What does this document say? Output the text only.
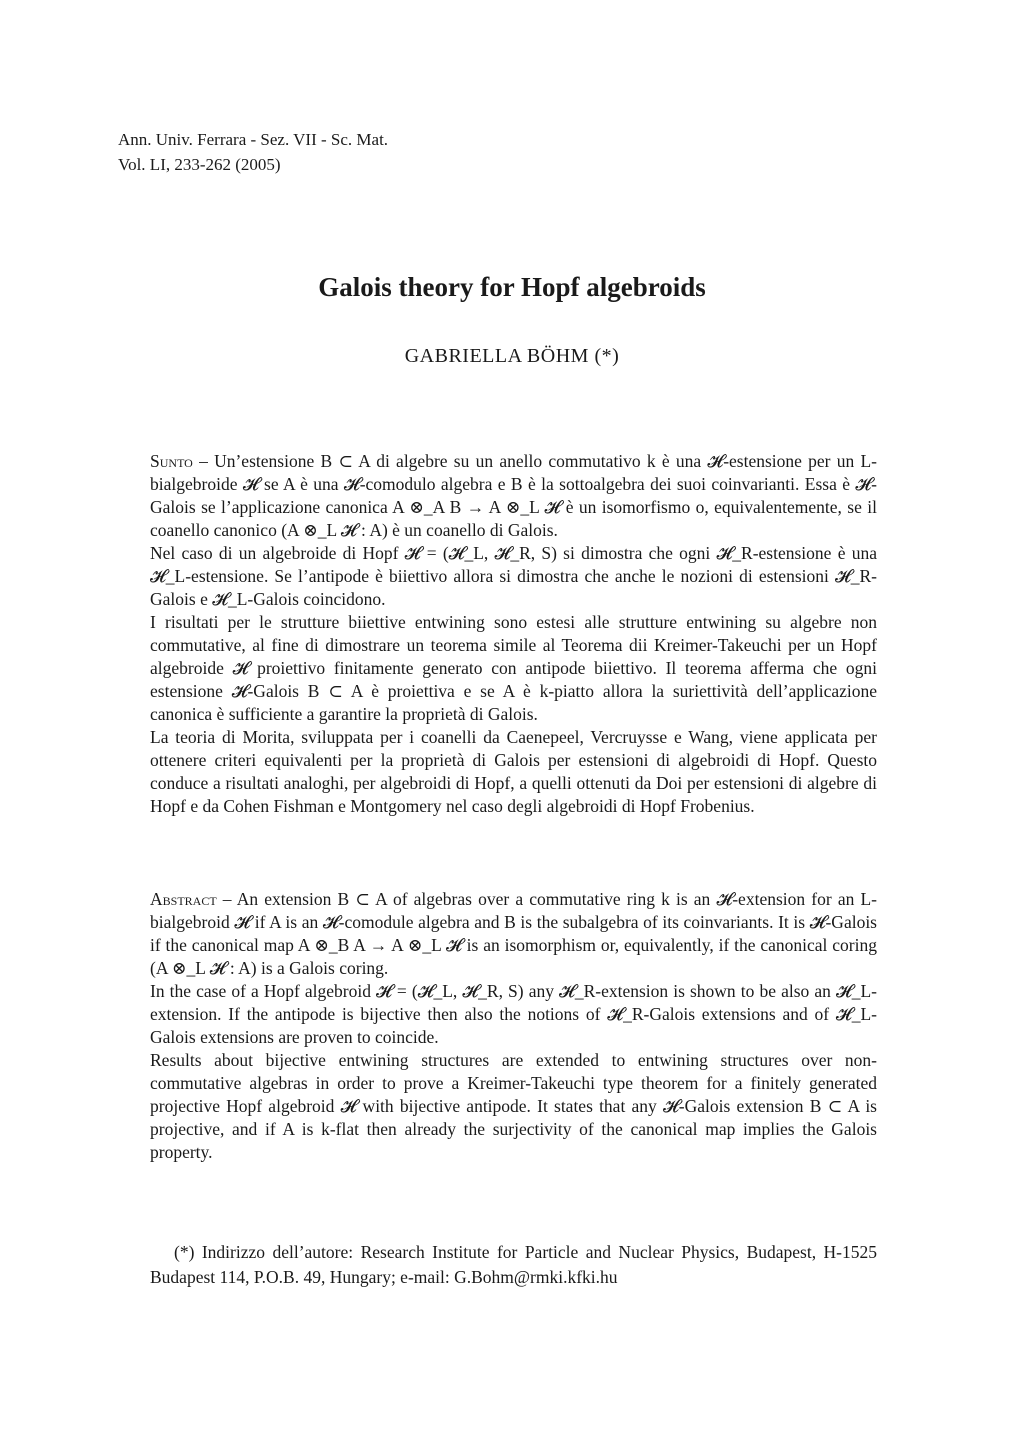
Ann. Univ. Ferrara - Sez. VII - Sc. Mat.
Vol. LI, 233-262 (2005)
Galois theory for Hopf algebroids
GABRIELLA BÖHM (*)

Sunto – Un’estensione B ⊂ A di algebre su un anello commutativo k è una 𝓗-estensione per un L-bialgebroide 𝓗 se A è una 𝓗-comodulo algebra e B è la sottoalgebra dei suoi coinvarianti. Essa è 𝓗-Galois se l’applicazione canonica A ⊗_A B → A ⊗_L 𝓗 è un isomorfismo o, equivalentemente, se il coanello canonico (A ⊗_L 𝓗 : A) è un coanello di Galois.

Nel caso di un algebroide di Hopf 𝓗 = (𝓗_L, 𝓗_R, S) si dimostra che ogni 𝓗_R-estensione è una 𝓗_L-estensione. Se l’antipode è biiettivo allora si dimostra che anche le nozioni di estensioni 𝓗_R-Galois e 𝓗_L-Galois coincidono.

I risultati per le strutture biiettive entwining sono estesi alle strutture entwining su algebre non commutative, al fine di dimostrare un teorema simile al Teorema dii Kreimer-Takeuchi per un Hopf algebroide 𝓗 proiettivo finitamente generato con antipode biiettivo. Il teorema afferma che ogni estensione 𝓗-Galois B ⊂ A è proiettiva e se A è k-piatto allora la suriettività dell’applicazione canonica è sufficiente a garantire la proprietà di Galois.

La teoria di Morita, sviluppata per i coanelli da Caenepeel, Vercruysse e Wang, viene applicata per ottenere criteri equivalenti per la proprietà di Galois per estensioni di algebroidi di Hopf. Questo conduce a risultati analoghi, per algebroidi di Hopf, a quelli ottenuti da Doi per estensioni di algebre di Hopf e da Cohen Fishman e Montgomery nel caso degli algebroidi di Hopf Frobenius.

Abstract – An extension B ⊂ A of algebras over a commutative ring k is an 𝓗-extension for an L-bialgebroid 𝓗 if A is an 𝓗-comodule algebra and B is the subalgebra of its coinvariants. It is 𝓗-Galois if the canonical map A ⊗_B A → A ⊗_L 𝓗 is an isomorphism or, equivalently, if the canonical coring (A ⊗_L 𝓗 : A) is a Galois coring.

In the case of a Hopf algebroid 𝓗 = (𝓗_L, 𝓗_R, S) any 𝓗_R-extension is shown to be also an 𝓗_L-extension. If the antipode is bijective then also the notions of 𝓗_R-Galois extensions and of 𝓗_L-Galois extensions are proven to coincide.

Results about bijective entwining structures are extended to entwining structures over non-commutative algebras in order to prove a Kreimer-Takeuchi type theorem for a finitely generated projective Hopf algebroid 𝓗 with bijective antipode. It states that any 𝓗-Galois extension B ⊂ A is projective, and if A is k-flat then already the surjectivity of the canonical map implies the Galois property.

(*) Indirizzo dell’autore: Research Institute for Particle and Nuclear Physics, Budapest, H-1525 Budapest 114, P.O.B. 49, Hungary; e-mail: G.Bohm@rmki.kfki.hu
